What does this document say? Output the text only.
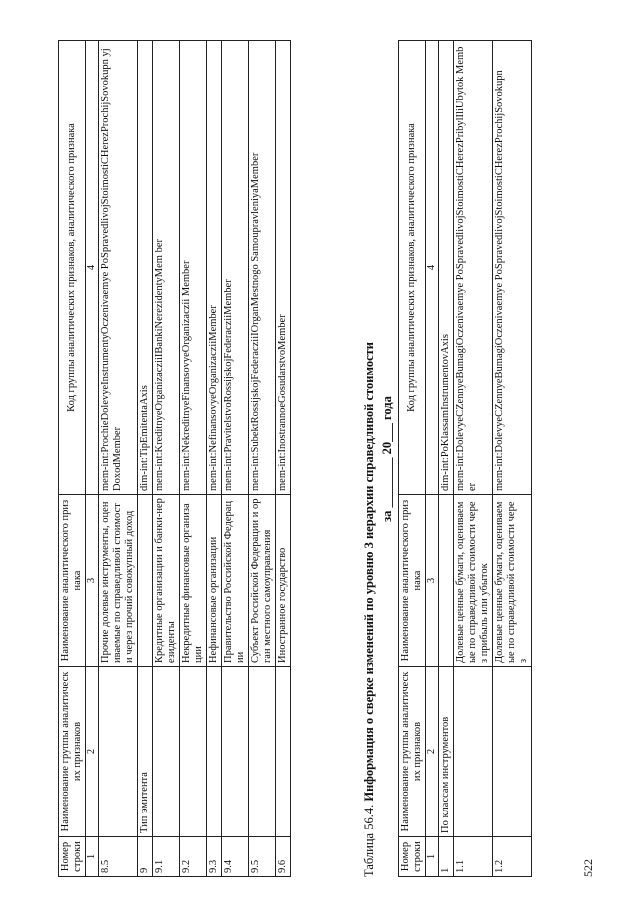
522
Номер строки	Наименование группы аналитических признаков	Наименование аналитического признака	Код группы аналитических признаков, аналитического признака
1	2	3	4
8.5		Прочие долевые инструменты, оцениваемые по справедливой стоимости через прочий совокупный доход	mem-int:ProchieDolevyeInstrumentyOczenivaemye PoSpravedlivojStoimostiCHerezProchijSovokupn yjDoxodMember
9	Тип эмитента		dim-int:TipEmitentaAxis
9.1		Кредитные организации и банки-нерезиденты	mem-int:KreditnyeOrganizaczііIBankiNerezidentyMem ber
9.2		Некредитные финансовые организации	mem-int:NekreditnyeFinansovyeOrganizaczii Member
9.3		Нефинансовые организации	mem-int:NefinansovyeOrganizacziiMember
9.4		Правительство Российской Федерации	mem-int:PravitelstvoRossijskojFederacziiMember
9.5		Субъект Российской Федерации и орган местного самоуправления	mem-int:SubektRossijskojFederacziiIOrganMestnogo SamoupravleniyaMember
9.6		Иностранное государство	mem-int:InostrannoeGosudarstvoMember
Таблица 56.4. Информация о сверке изменений по уровню 3 иерархии справедливой стоимости за ________ 20___ года
Номер строки	Наименование группы аналитических признаков	Наименование аналитического признака	Код группы аналитических признаков, аналитического признака
1	2	3	4
1	По классам инструментов		dim-int:PoKlassamInstrumentovAxis
1.1		Долевые ценные бумаги, оцениваемые по справедливой стоимости через прибыль или убыток	mem-int:DolevyeCZennyeBumagiOczenivaemye PoSpravedlivojStoimostiCHerezPribylIliUbytok Member
1.2		Долевые ценные бумаги, оцениваемые по справедливой стоимости через	mem-int:DolevyeCZennyeBumagiOczenivaemye PoSpravedlivojStoimostiCHerezProchijSovokupn
